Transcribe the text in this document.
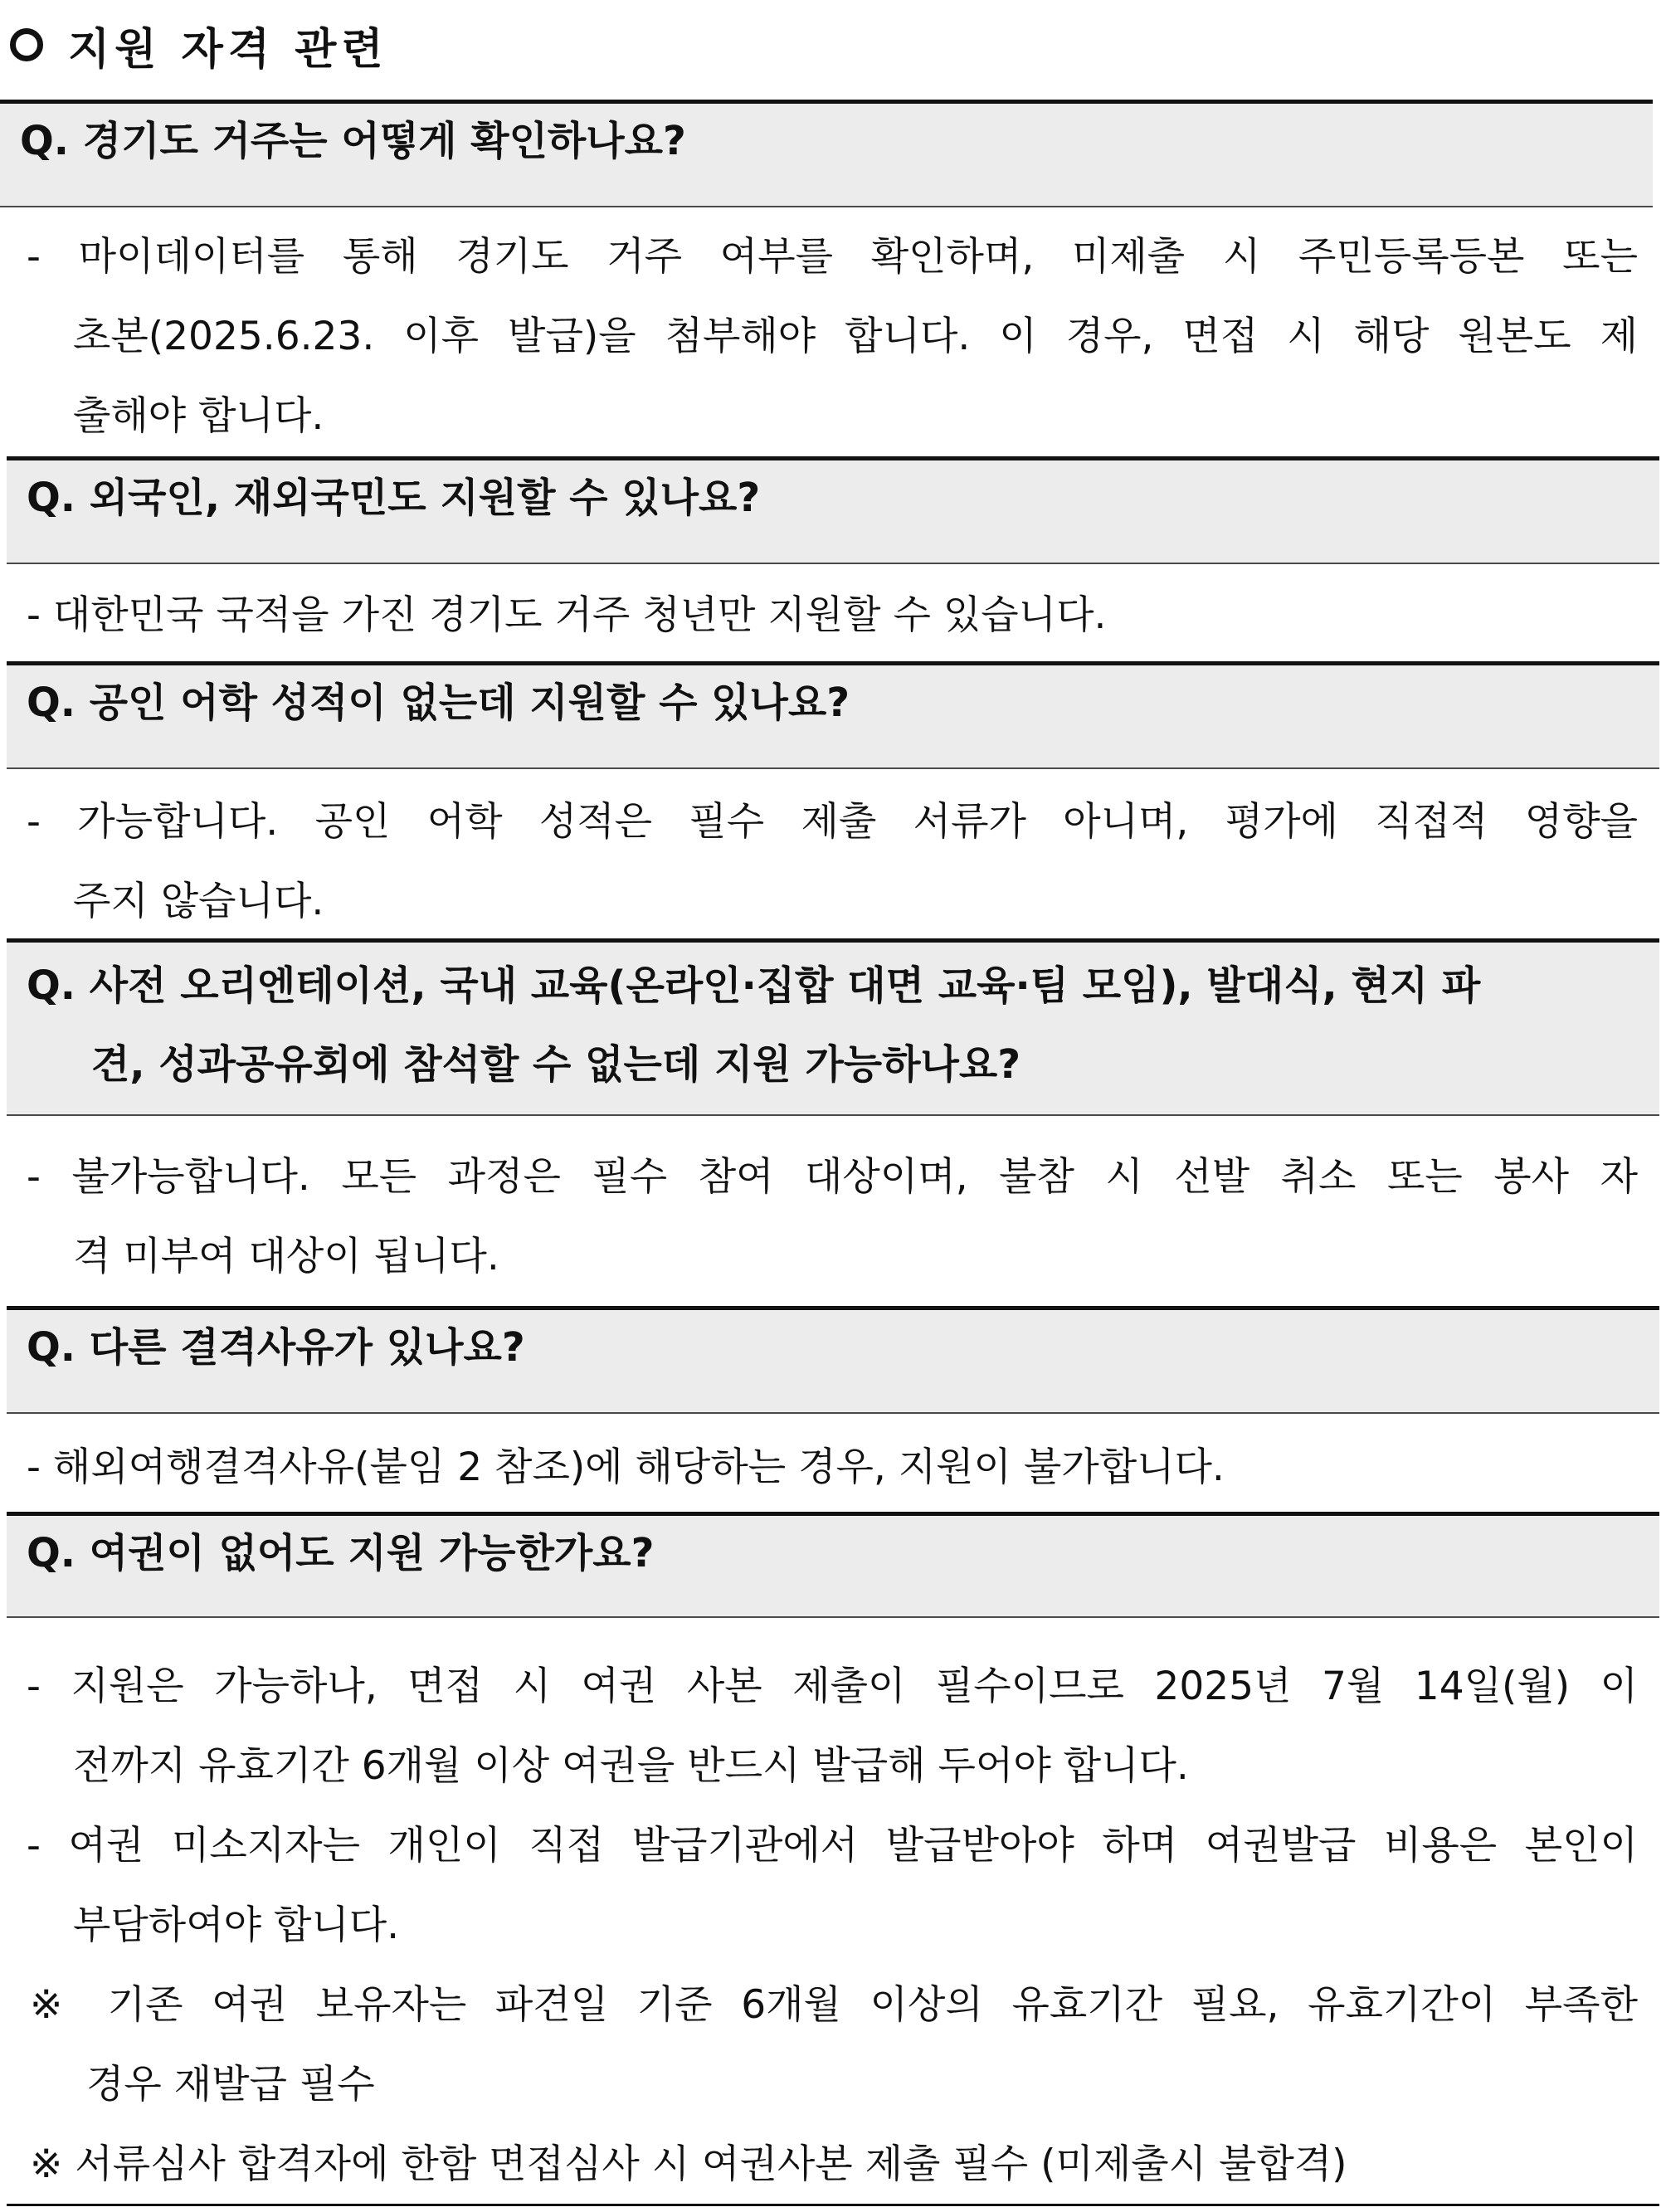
지원 자격 관련
Q. 경기도 거주는 어떻게 확인하나요?
- 마이데이터를 통해 경기도 거주 여부를 확인하며, 미제출 시 주민등록등본 또는
초본(2025.6.23. 이후 발급)을 첨부해야 합니다. 이 경우, 면접 시 해당 원본도 제
출해야 합니다.
Q. 외국인, 재외국민도 지원할 수 있나요?
- 대한민국 국적을 가진 경기도 거주 청년만 지원할 수 있습니다.
Q. 공인 어학 성적이 없는데 지원할 수 있나요?
- 가능합니다. 공인 어학 성적은 필수 제출 서류가 아니며, 평가에 직접적 영향을
주지 않습니다.
Q. 사전 오리엔테이션, 국내 교육(온라인·집합 대면 교육·팀 모임), 발대식, 현지 파
견, 성과공유회에 참석할 수 없는데 지원 가능하나요?
- 불가능합니다. 모든 과정은 필수 참여 대상이며, 불참 시 선발 취소 또는 봉사 자
격 미부여 대상이 됩니다.
Q. 다른 결격사유가 있나요?
- 해외여행결격사유(붙임 2 참조)에 해당하는 경우, 지원이 불가합니다.
Q. 여권이 없어도 지원 가능한가요?
- 지원은 가능하나, 면접 시 여권 사본 제출이 필수이므로 2025년 7월 14일(월) 이
전까지 유효기간 6개월 이상 여권을 반드시 발급해 두어야 합니다.
- 여권 미소지자는 개인이 직접 발급기관에서 발급받아야 하며 여권발급 비용은 본인이
부담하여야 합니다.
※ 기존 여권 보유자는 파견일 기준 6개월 이상의 유효기간 필요, 유효기간이 부족한
경우 재발급 필수
※ 서류심사 합격자에 한함 면접심사 시 여권사본 제출 필수 (미제출시 불합격)
